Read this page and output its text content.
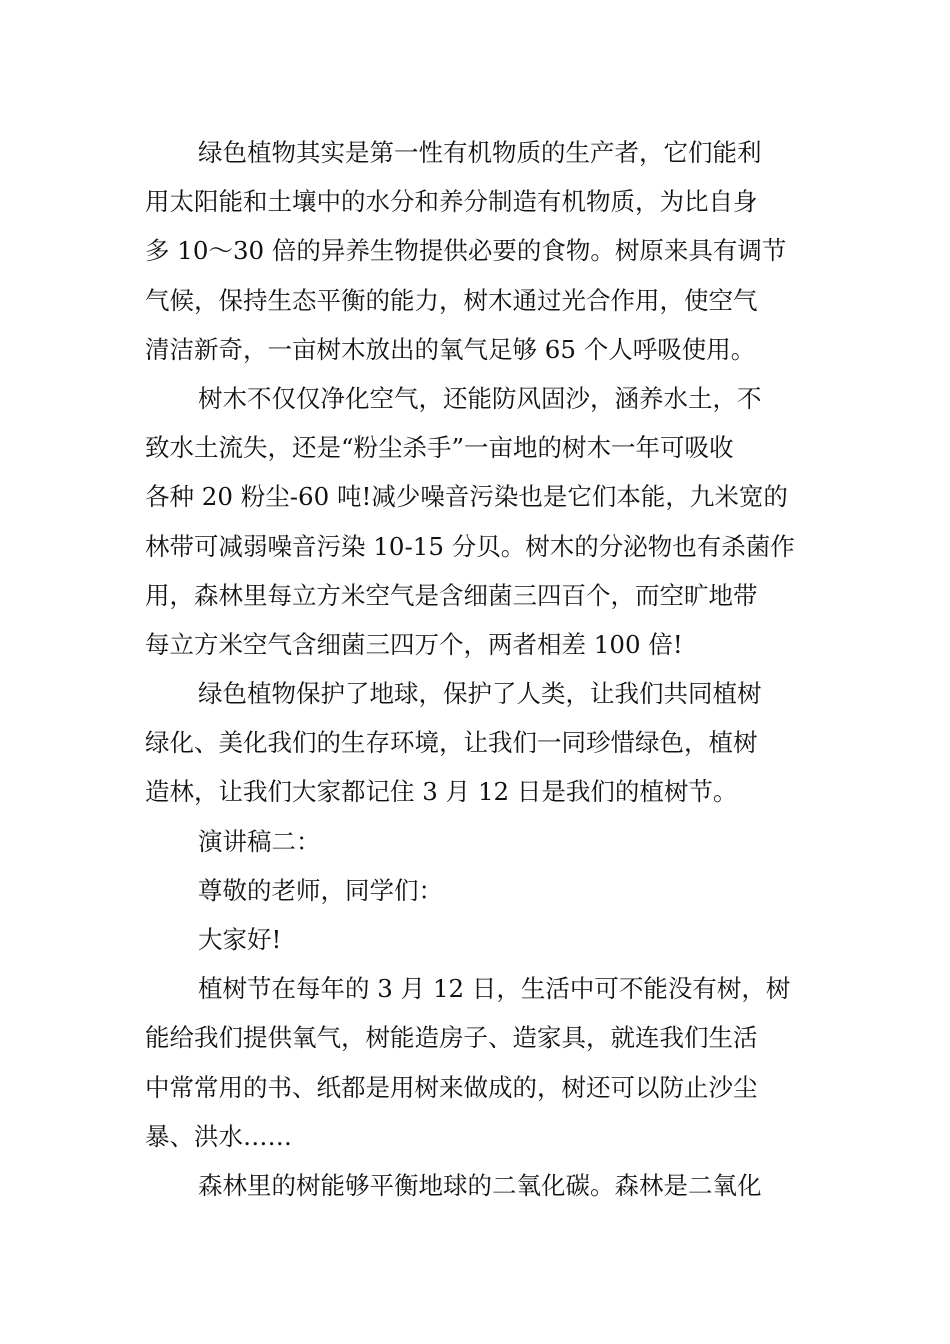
绿色植物其实是第一性有机物质的生产者，它们能利
用太阳能和土壤中的水分和养分制造有机物质，为比自身
多 10～30 倍的异养生物提供必要的食物。树原来具有调节
气候，保持生态平衡的能力，树木通过光合作用，使空气
清洁新奇，一亩树木放出的氧气足够 65 个人呼吸使用。
树木不仅仅净化空气，还能防风固沙，涵养水土，不
致水土流失，还是“粉尘杀手”一亩地的树木一年可吸收
各种 20 粉尘-60 吨!减少噪音污染也是它们本能，九米宽的
林带可减弱噪音污染 10-15 分贝。树木的分泌物也有杀菌作
用，森林里每立方米空气是含细菌三四百个，而空旷地带
每立方米空气含细菌三四万个，两者相差 100 倍!
绿色植物保护了地球，保护了人类，让我们共同植树
绿化、美化我们的生存环境，让我们一同珍惜绿色，植树
造林，让我们大家都记住 3 月 12 日是我们的植树节。
演讲稿二：
尊敬的老师，同学们：
大家好!
植树节在每年的 3 月 12 日，生活中可不能没有树，树
能给我们提供氧气，树能造房子、造家具，就连我们生活
中常常用的书、纸都是用树来做成的，树还可以防止沙尘
暴、洪水……
森林里的树能够平衡地球的二氧化碳。森林是二氧化
